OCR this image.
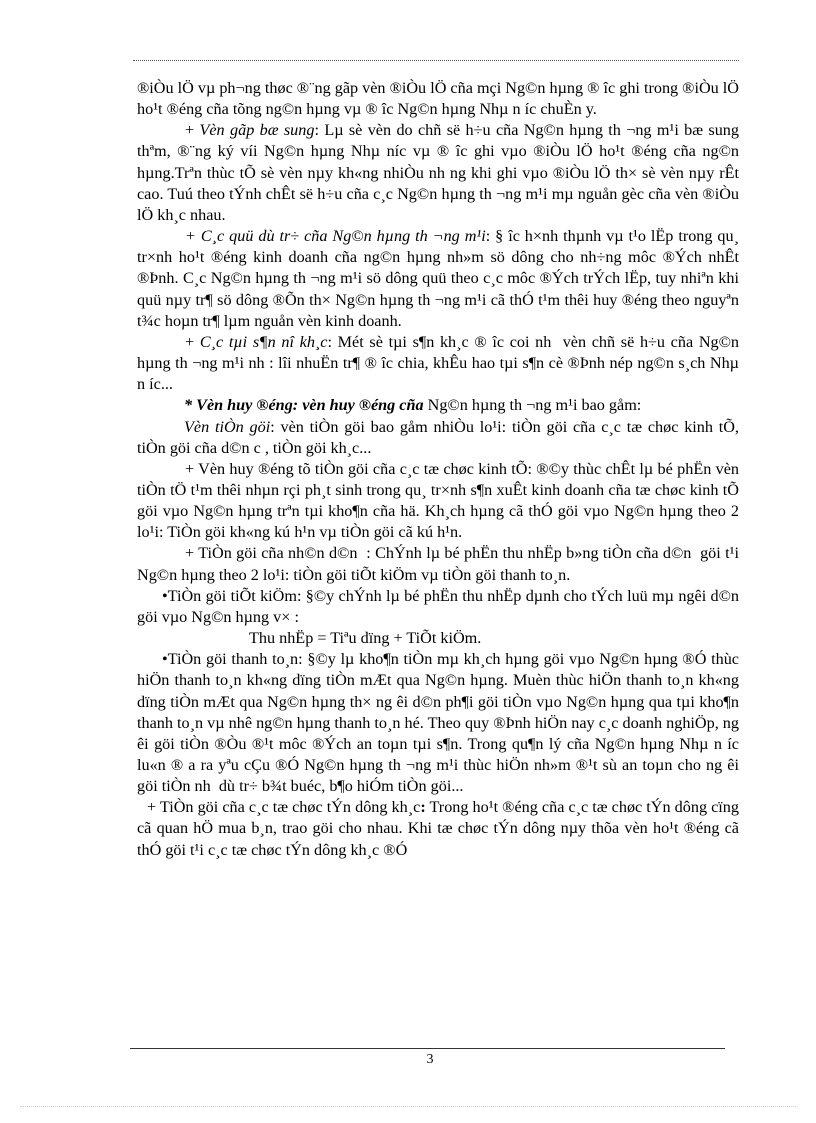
®iÒu lÖ vµ ph¬ng thøc ®¨ng gãp vèn ®iÒu lÖ cña mçi Ng©n hµng ® îc ghi trong ®iÒu lÖ ho¹t ®éng cña tõng ng©n hµng vµ ® îc Ng©n hµng Nhµ n íc chuÈn y.

+ Vèn gãp bæ sung: Lµ sè vèn do chñ së h÷u cña Ng©n hµng th ¬ng m¹i bæ sung thªm, ®¨ng ký víi Ng©n hµng Nhµ níc vµ ® îc ghi vµo ®iÒu lÖ ho¹t ®éng cña ng©n hµng.Trªn thùc tÕ sè vèn nµy kh«ng nhiÒu nh ng khi ghi vµo ®iÒu lÖ th× sè vèn nµy rÊt cao. Tuú theo tÝnh chÊt së h÷u cña c¸c Ng©n hµng th ¬ng m¹i mµ nguån gèc cña vèn ®iÒu lÖ kh¸c nhau.

+ C¸c quü dù tr÷ cña Ng©n hµng th ¬ng m¹i: § îc h×nh thµnh vµ t¹o lËp trong qu¸ tr×nh ho¹t ®éng kinh doanh cña ng©n hµng nh»m sö dông cho nh÷ng môc ®Ých nhÊt ®Þnh. C¸c Ng©n hµng th ¬ng m¹i sö dông quü theo c¸c môc ®Ých trÝch lËp, tuy nhiªn khi quü nµy tr¶ sö dông ®Õn th× Ng©n hµng th ¬ng m¹i cã thÓ t¹m thêi huy ®éng theo nguyªn t¾c hoµn tr¶ lµm nguån vèn kinh doanh.

+ C¸c tµi s¶n nî kh¸c: Mét sè tµi s¶n kh¸c ® îc coi nh vèn chñ së h÷u cña Ng©n hµng th ¬ng m¹i nh : lîi nhuËn tr¶ ® îc chia, khÊu hao tµi s¶n cè ®Þnh nép ng©n s¸ch Nhµ n íc...

* Vèn huy ®éng: vèn huy ®éng cña Ng©n hµng th ¬ng m¹i bao gåm:

Vèn tiÒn göi: vèn tiÒn göi bao gåm nhiÒu lo¹i: tiÒn göi cña c¸c tæ chøc kinh tÕ, tiÒn göi cña d©n c , tiÒn göi kh¸c...

+ Vèn huy ®éng tõ tiÒn göi cña c¸c tæ chøc kinh tÕ: ®©y thùc chÊt lµ bé phËn vèn tiÒn tÖ t¹m thêi nhµn rçi ph¸t sinh trong qu¸ tr×nh s¶n xuÊt kinh doanh cña tæ chøc kinh tÕ göi vµo Ng©n hµng trªn tµi kho¶n cña hä. Kh¸ch hµng cã thÓ göi vµo Ng©n hµng theo 2 lo¹i: TiÒn göi kh«ng kú h¹n vµ tiÒn göi cã kú h¹n.

+ TiÒn göi cña nh©n d©n : ChÝnh lµ bé phËn thu nhËp b»ng tiÒn cña d©n göi t¹i Ng©n hµng theo 2 lo¹i: tiÒn göi tiÕt kiÖm vµ tiÒn göi thanh to¸n.

•TiÒn göi tiÕt kiÖm: §©y chÝnh lµ bé phËn thu nhËp dµnh cho tÝch luü mµ ngêi d©n göi vµo Ng©n hµng v× :

Thu nhËp = Tiªu dïng + TiÕt kiÖm.

•TiÒn göi thanh to¸n: §©y lµ kho¶n tiÒn mµ kh¸ch hµng göi vµo Ng©n hµng ®Ó thùc hiÖn thanh to¸n kh«ng dïng tiÒn mÆt qua Ng©n hµng. Muèn thùc hiÖn thanh to¸n kh«ng dïng tiÒn mÆt qua Ng©n hµng th× ng êi d©n ph¶i göi tiÒn vµo Ng©n hµng qua tµi kho¶n thanh to¸n vµ nhê ng©n hµng thanh to¸n hé. Theo quy ®Þnh hiÖn nay c¸c doanh nghiÖp, ng êi göi tiÒn ®Òu ®¹t môc ®Ých an toµn tµi s¶n. Trong qu¶n lý cña Ng©n hµng Nhµ n íc lu«n ® a ra yªu cÇu ®Ó Ng©n hµng th ¬ng m¹i thùc hiÖn nh»m ®¹t sù an toµn cho ng êi göi tiÒn nh dù tr÷ b¾t buéc, b¶o hiÓm tiÒn göi...

+ TiÒn göi cña c¸c tæ chøc tÝn dông kh¸c: Trong ho¹t ®éng cña c¸c tæ chøc tÝn dông cïng cã quan hÖ mua b¸n, trao göi cho nhau. Khi tæ chøc tÝn dông nµy thõa vèn ho¹t ®éng cã thÓ göi t¹i c¸c tæ chøc tÝn dông kh¸c ®Ó

3
